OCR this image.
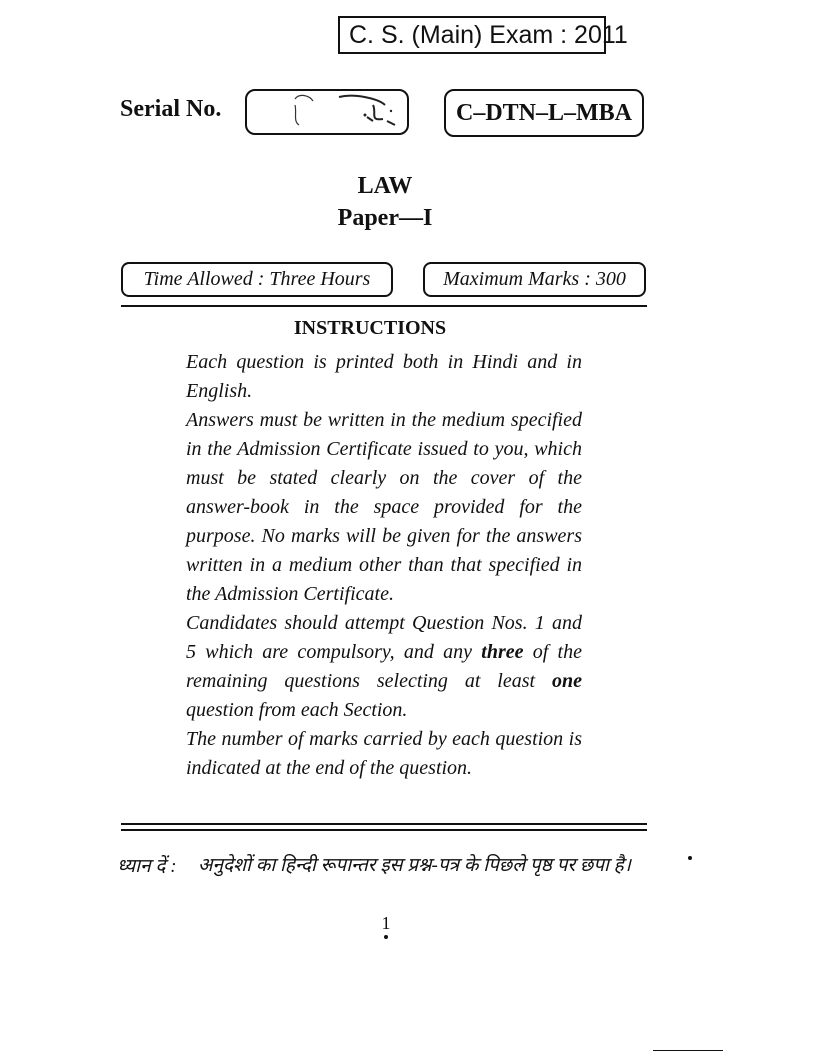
C. S. (Main) Exam : 2011
Serial No.	C–DTN–L–MBA
LAW
Paper—I
Time Allowed : Three Hours	Maximum Marks : 300
INSTRUCTIONS

Each question is printed both in Hindi and in English.

Answers must be written in the medium specified in the Admission Certificate issued to you, which must be stated clearly on the cover of the answer-book in the space provided for the purpose. No marks will be given for the answers written in a medium other than that specified in the Admission Certificate.

Candidates should attempt Question Nos. 1 and 5 which are compulsory, and any three of the remaining questions selecting at least one question from each Section.

The number of marks carried by each question is indicated at the end of the question.

ध्यान दें : अनुदेशों का हिन्दी रूपान्तर इस प्रश्न-पत्र के पिछले पृष्ठ पर छपा है।
1
